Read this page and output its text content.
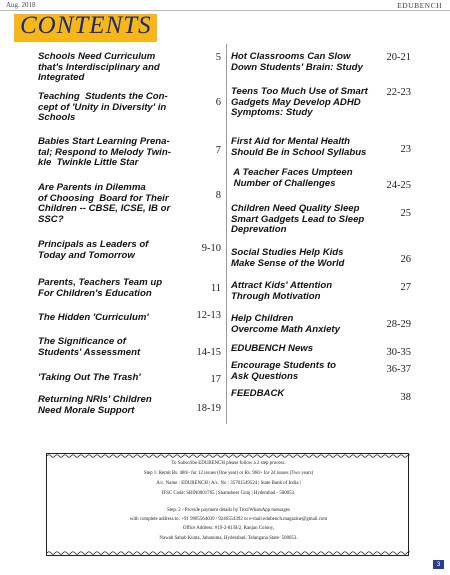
Aug. 2018	EDUBENCH
CONTENTS
Schools Need Curriculum
that's Interdisciplinary and
Integrated
5
Teaching  Students the Con-
cept of 'Unity in Diversity' in
Schools
6
Babies Start Learning Prena-
tal; Respond to Melody Twin-
kle  Twinkle Little Star
7
Are Parents in Dilemma
of Choosing  Board for Their
Children -- CBSE, ICSE, IB or
SSC?
8
Principals as Leaders of
Today and Tomorrow
9-10
Parents, Teachers Team up
For Children's Education	11
The Hidden 'Curriculum'	12-13
The Significance of
Students' Assessment	14-15
'Taking Out The Trash'	17
Returning NRIs' Children
Need Morale Support	18-19
Hot Classrooms Can Slow
Down Students' Brain: Study
20-21
Teens Too Much Use of Smart
Gadgets May Develop ADHD
Symptoms: Study
22-23
First Aid for Mental Health
Should Be in School Syllabus	23
A Teacher Faces Umpteen
Number of Challenges	24-25
Children Need Quality Sleep
Smart Gadgets Lead to Sleep
Deprevation
25
Social Studies Help Kids
Make Sense of the World	26
Attract Kids' Attention
Through Motivation
27
Help Children
Overcome Math Anxiety	28-29
EDUBENCH News	30-35
Encourage Students to
Ask Questions
36-37
FEEDBACK	38
To Subscribe EDUBENCH please follow a 2 step process.
Step 1: Remit Rs. 480/- for 12 issues (One year) or Rs. 960/- for 24 issues (Two years)
A/c. Name : EDUBENCH | A/c. No : 35701549524 | State Bank of India |
IFSC Code: SBIN0001765 | Shamsheer Gunj | Hyderabad - 500053.
Step. 2 - Provide payment details by Text/WhatsApp messages
with complete address to: +91 9985564039 / 9246554392 or e-mail:edubench.magazine@gmail.com
Office Address: #19-2-81/B/2, Ranjan Colony,
Nawab Sahab Kunta, Jahanuma, Hyderabad, Telangana State- 500053.
3
